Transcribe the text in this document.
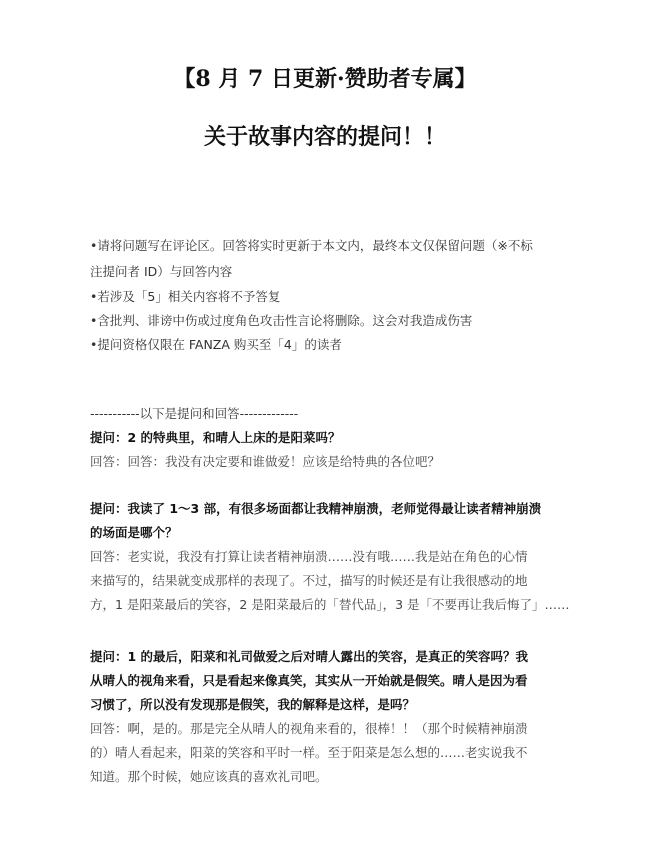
【8 月 7 日更新·赞助者专属】
关于故事内容的提问！！

•请将问题写在评论区。回答将实时更新于本文内，最终本文仅保留问题（※不标

注提问者 ID）与回答内容

•若涉及「5」相关内容将不予答复

•含批判、诽谤中伤或过度角色攻击性言论将删除。这会对我造成伤害

•提问资格仅限在 FANZA 购买至「4」的读者

-----------以下是提问和回答-------------

提问：2 的特典里，和晴人上床的是阳菜吗？

回答：回答：我没有决定要和谁做爱！应该是给特典的各位吧？

提问：我读了 1～3 部，有很多场面都让我精神崩溃，老师觉得最让读者精神崩溃
的场面是哪个？

回答：老实说，我没有打算让读者精神崩溃……没有哦……我是站在角色的心情
来描写的，结果就变成那样的表现了。不过，描写的时候还是有让我很感动的地
方，1 是阳菜最后的笑容，2 是阳菜最后的「替代品」，3 是「不要再让我后悔了」……

提问：1 的最后，阳菜和礼司做爱之后对晴人露出的笑容，是真正的笑容吗？我
从晴人的视角来看，只是看起来像真笑，其实从一开始就是假笑。晴人是因为看
习惯了，所以没有发现那是假笑，我的解释是这样，是吗？

回答：啊，是的。那是完全从晴人的视角来看的，很棒！！（那个时候精神崩溃
的）晴人看起来，阳菜的笑容和平时一样。至于阳菜是怎么想的……老实说我不
知道。那个时候，她应该真的喜欢礼司吧。
